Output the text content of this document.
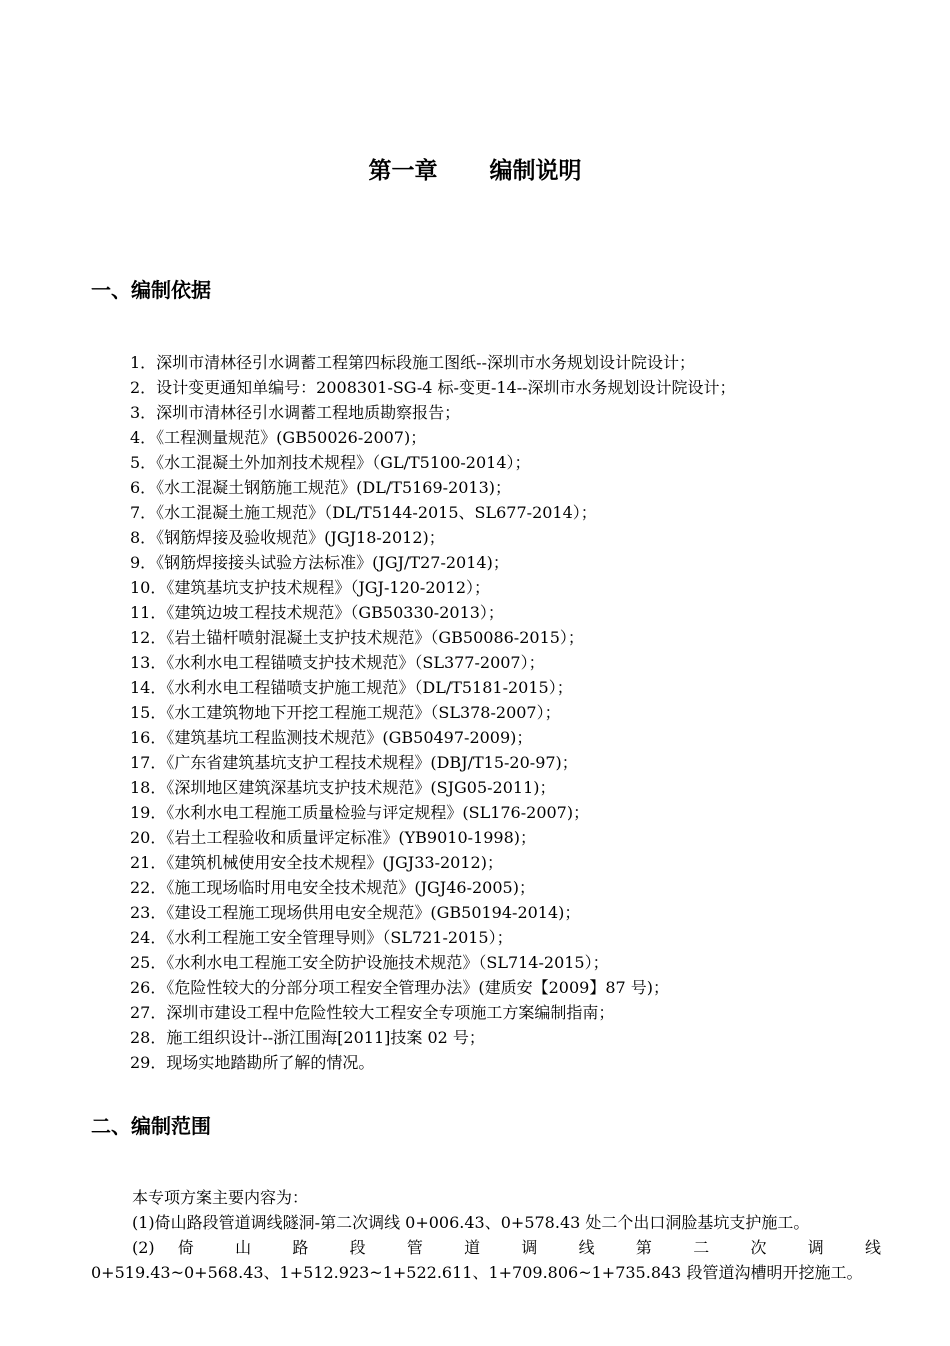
第一章 编制说明
一、编制依据
1．深圳市清林径引水调蓄工程第四标段施工图纸--深圳市水务规划设计院设计；
2．设计变更通知单编号：2008301-SG-4 标-变更-14--深圳市水务规划设计院设计；
3．深圳市清林径引水调蓄工程地质勘察报告；
4．《工程测量规范》(GB50026-2007)；
5．《水工混凝土外加剂技术规程》（GL/T5100-2014）；
6．《水工混凝土钢筋施工规范》(DL/T5169-2013)；
7．《水工混凝土施工规范》（DL/T5144-2015、SL677-2014）；
8．《钢筋焊接及验收规范》(JGJ18-2012)；
9．《钢筋焊接接头试验方法标准》(JGJ/T27-2014)；
10．《建筑基坑支护技术规程》（JGJ-120-2012）；
11．《建筑边坡工程技术规范》（GB50330-2013）；
12．《岩土锚杆喷射混凝土支护技术规范》（GB50086-2015）；
13．《水利水电工程锚喷支护技术规范》（SL377-2007）；
14．《水利水电工程锚喷支护施工规范》（DL/T5181-2015）；
15．《水工建筑物地下开挖工程施工规范》（SL378-2007）；
16．《建筑基坑工程监测技术规范》(GB50497-2009)；
17．《广东省建筑基坑支护工程技术规程》(DBJ/T15-20-97)；
18．《深圳地区建筑深基坑支护技术规范》(SJG05-2011)；
19．《水利水电工程施工质量检验与评定规程》(SL176-2007)；
20．《岩土工程验收和质量评定标准》(YB9010-1998)；
21．《建筑机械使用安全技术规程》(JGJ33-2012)；
22．《施工现场临时用电安全技术规范》(JGJ46-2005)；
23．《建设工程施工现场供用电安全规范》(GB50194-2014)；
24．《水利工程施工安全管理导则》（SL721-2015）；
25．《水利水电工程施工安全防护设施技术规范》（SL714-2015）；
26．《危险性较大的分部分项工程安全管理办法》(建质安【2009】87 号)；
27．深圳市建设工程中危险性较大工程安全专项施工方案编制指南；
28．施工组织设计--浙江围海[2011]技案 02 号；
29．现场实地踏勘所了解的情况。
二、编制范围

本专项方案主要内容为：

(1)倚山路段管道调线隧洞-第二次调线 0+006.43、0+578.43 处二个出口洞脸基坑支护施工。

(2) 倚 山 路 段 管 道 调 线 第 二 次 调 线

0+519.43~0+568.43、1+512.923~1+522.611、1+709.806~1+735.843 段管道沟槽明开挖施工。
